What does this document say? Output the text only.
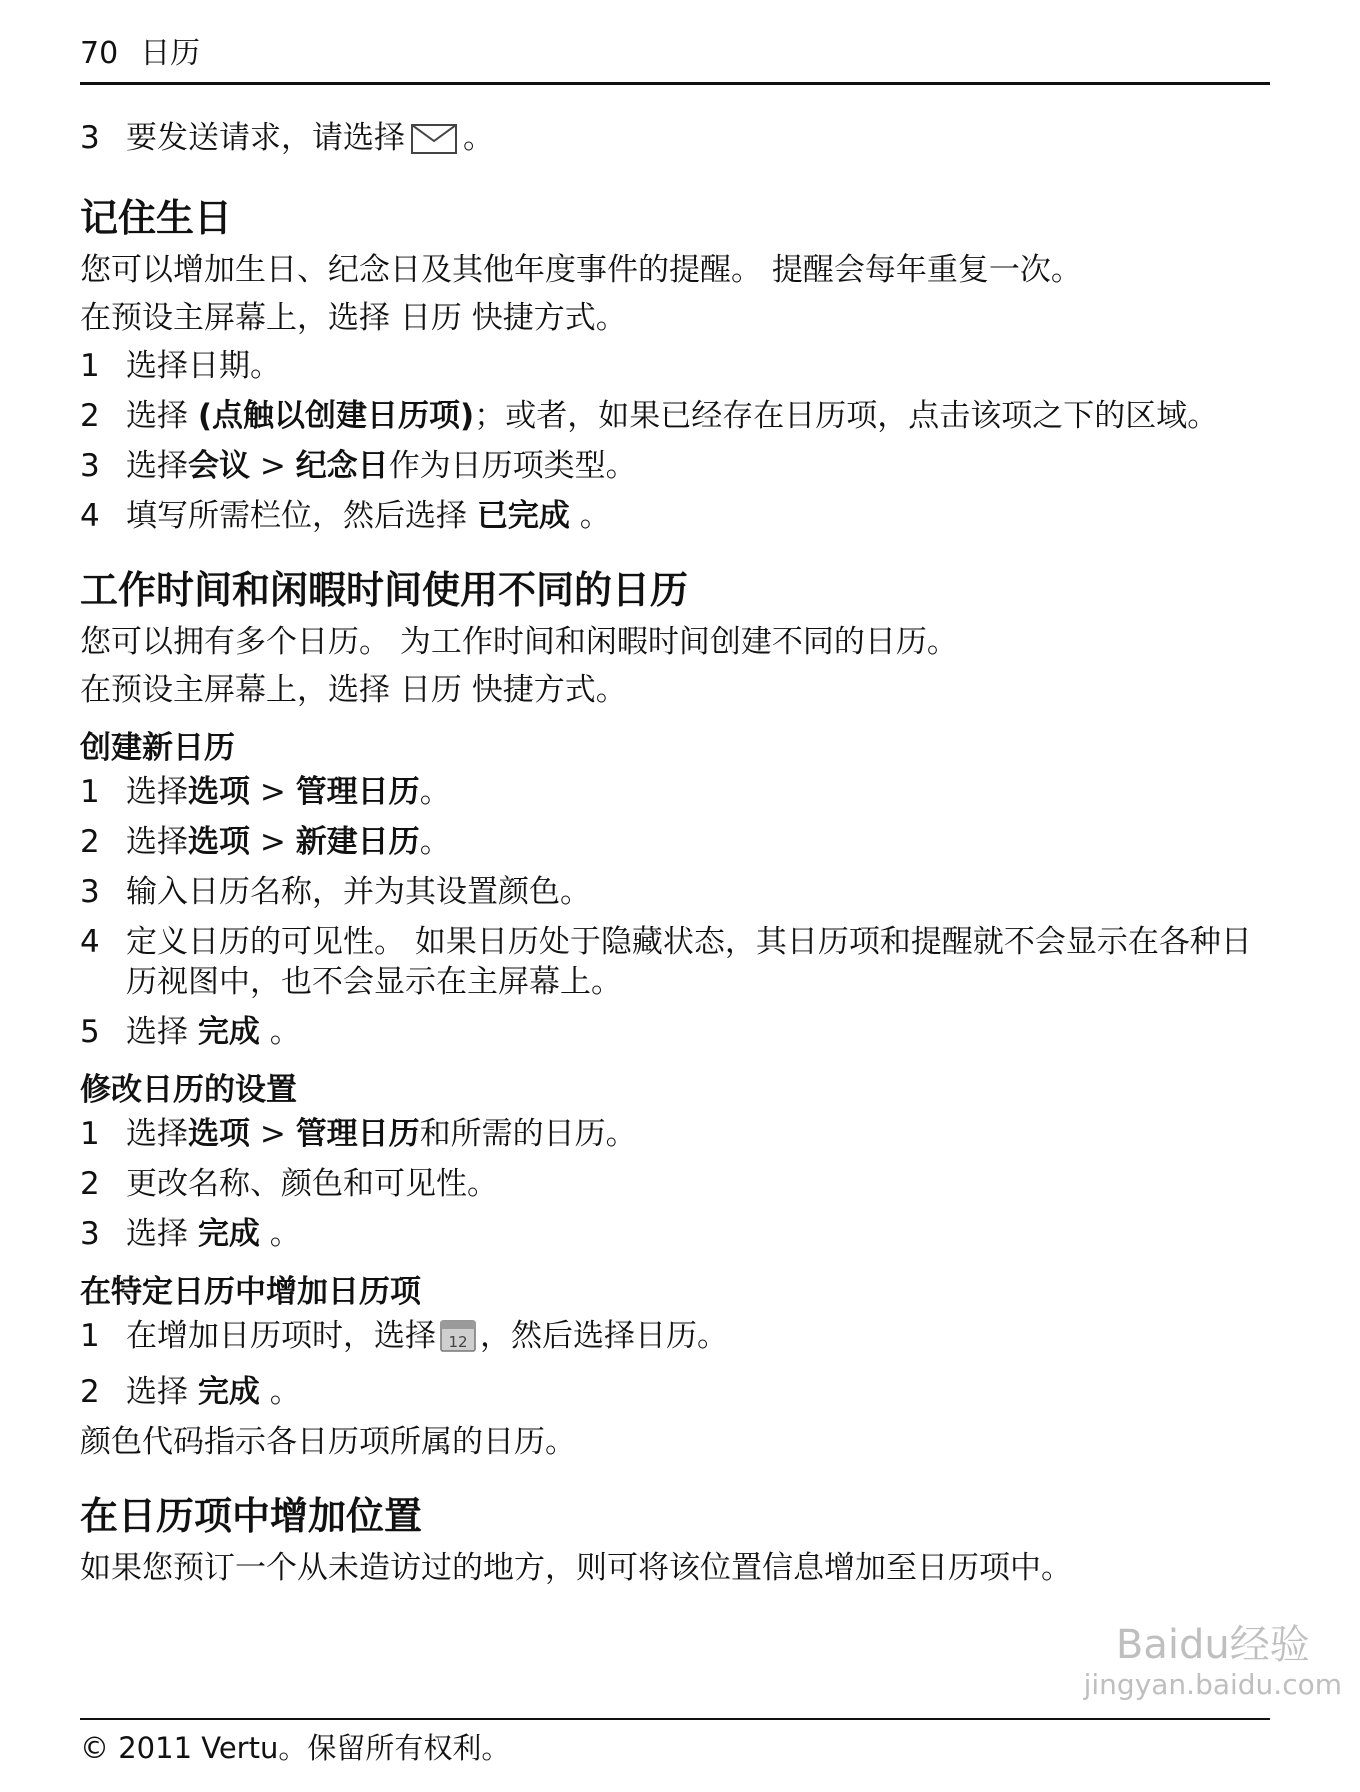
70 日历
3 要发送请求，请选择 。
记住生日
您可以增加生日、纪念日及其他年度事件的提醒。 提醒会每年重复一次。
在预设主屏幕上，选择 日历 快捷方式。
1 选择日期。
2 选择 (点触以创建日历项)；或者，如果已经存在日历项，点击该项之下的区域。
3 选择会议 > 纪念日作为日历项类型。
4 填写所需栏位，然后选择 已完成 。
工作时间和闲暇时间使用不同的日历
您可以拥有多个日历。 为工作时间和闲暇时间创建不同的日历。
在预设主屏幕上，选择 日历 快捷方式。
创建新日历
1 选择选项 > 管理日历。
2 选择选项 > 新建日历。
3 输入日历名称，并为其设置颜色。
4 定义日历的可见性。 如果日历处于隐藏状态，其日历项和提醒就不会显示在各种日历视图中，也不会显示在主屏幕上。
5 选择 完成 。
修改日历的设置
1 选择选项 > 管理日历和所需的日历。
2 更改名称、颜色和可见性。
3 选择 完成 。
在特定日历中增加日历项
1 在增加日历项时，选择 12 ，然后选择日历。
2 选择 完成 。
颜色代码指示各日历项所属的日历。
在日历项中增加位置
如果您预订一个从未造访过的地方，则可将该位置信息增加至日历项中。
© 2011 Vertu。保留所有权利。
Baidu经验
jingyan.baidu.com
